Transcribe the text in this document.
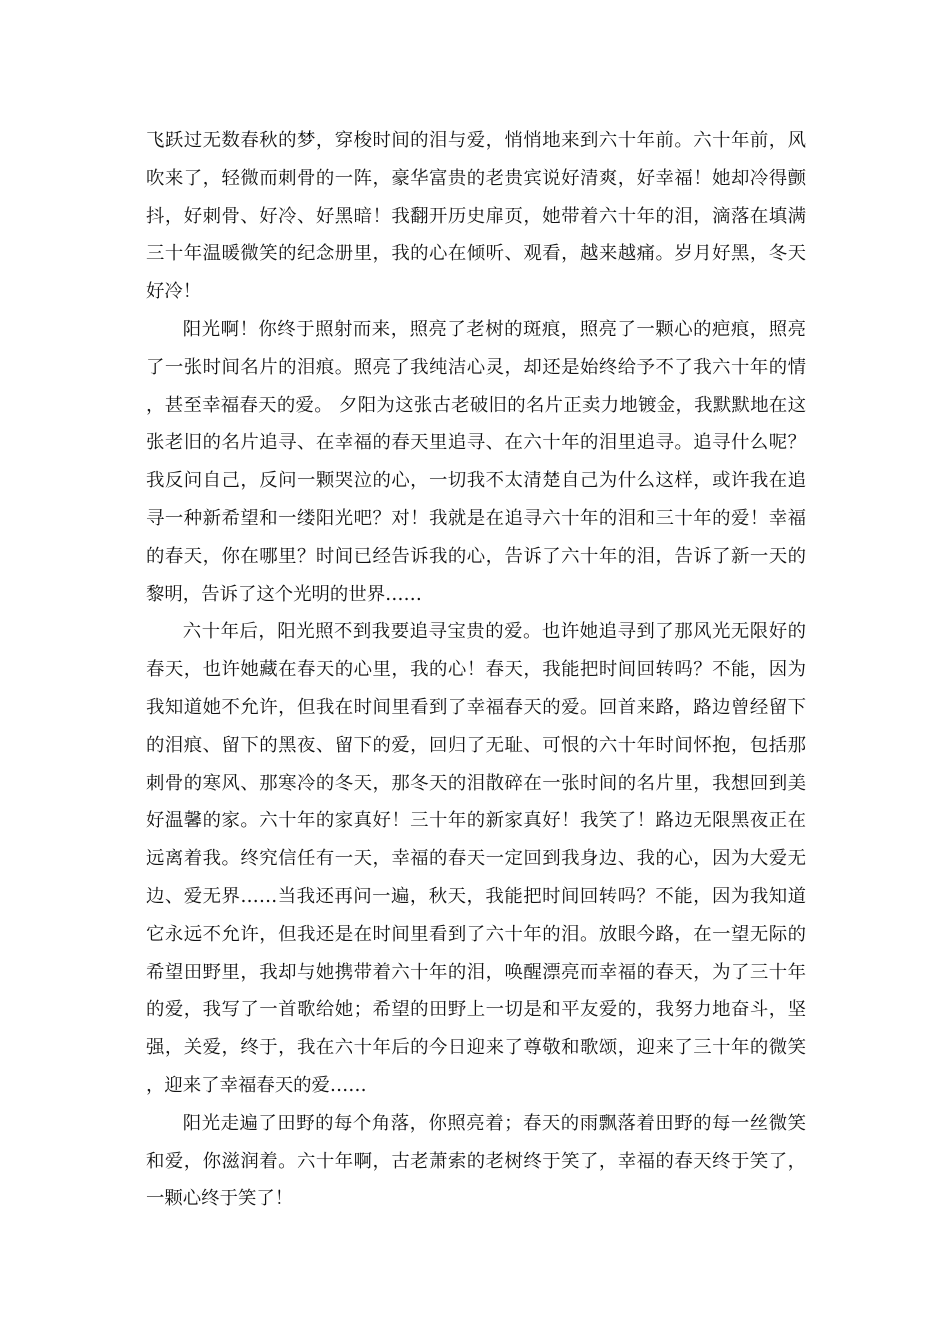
飞跃过无数春秋的梦，穿梭时间的泪与爱，悄悄地来到六十年前。六十年前，风吹来了，轻微而刺骨的一阵，豪华富贵的老贵宾说好清爽，好幸福！她却冷得颤抖，好刺骨、好冷、好黑暗！我翻开历史扉页，她带着六十年的泪，滴落在填满三十年温暖微笑的纪念册里，我的心在倾听、观看，越来越痛。岁月好黑，冬天好冷！

阳光啊！你终于照射而来，照亮了老树的斑痕，照亮了一颗心的疤痕，照亮了一张时间名片的泪痕。照亮了我纯洁心灵，却还是始终给予不了我六十年的情，甚至幸福春天的爱。 夕阳为这张古老破旧的名片正卖力地镀金，我默默地在这张老旧的名片追寻、在幸福的春天里追寻、在六十年的泪里追寻。追寻什么呢？我反问自己，反问一颗哭泣的心，一切我不太清楚自己为什么这样，或许我在追寻一种新希望和一缕阳光吧？对！我就是在追寻六十年的泪和三十年的爱！幸福的春天，你在哪里？时间已经告诉我的心，告诉了六十年的泪，告诉了新一天的黎明，告诉了这个光明的世界……

六十年后，阳光照不到我要追寻宝贵的爱。也许她追寻到了那风光无限好的春天，也许她藏在春天的心里，我的心！春天，我能把时间回转吗？不能，因为我知道她不允许，但我在时间里看到了幸福春天的爱。回首来路，路边曾经留下的泪痕、留下的黑夜、留下的爱，回归了无耻、可恨的六十年时间怀抱，包括那刺骨的寒风、那寒冷的冬天，那冬天的泪散碎在一张时间的名片里，我想回到美好温馨的家。六十年的家真好！三十年的新家真好！我笑了！路边无限黑夜正在远离着我。终究信任有一天，幸福的春天一定回到我身边、我的心，因为大爱无边、爱无界……当我还再问一遍，秋天，我能把时间回转吗？不能，因为我知道它永远不允许，但我还是在时间里看到了六十年的泪。放眼今路，在一望无际的希望田野里，我却与她携带着六十年的泪，唤醒漂亮而幸福的春天，为了三十年的爱，我写了一首歌给她；希望的田野上一切是和平友爱的，我努力地奋斗，坚强，关爱，终于，我在六十年后的今日迎来了尊敬和歌颂，迎来了三十年的微笑，迎来了幸福春天的爱……

阳光走遍了田野的每个角落，你照亮着；春天的雨飘落着田野的每一丝微笑和爱，你滋润着。六十年啊，古老萧索的老树终于笑了，幸福的春天终于笑了，一颗心终于笑了！
